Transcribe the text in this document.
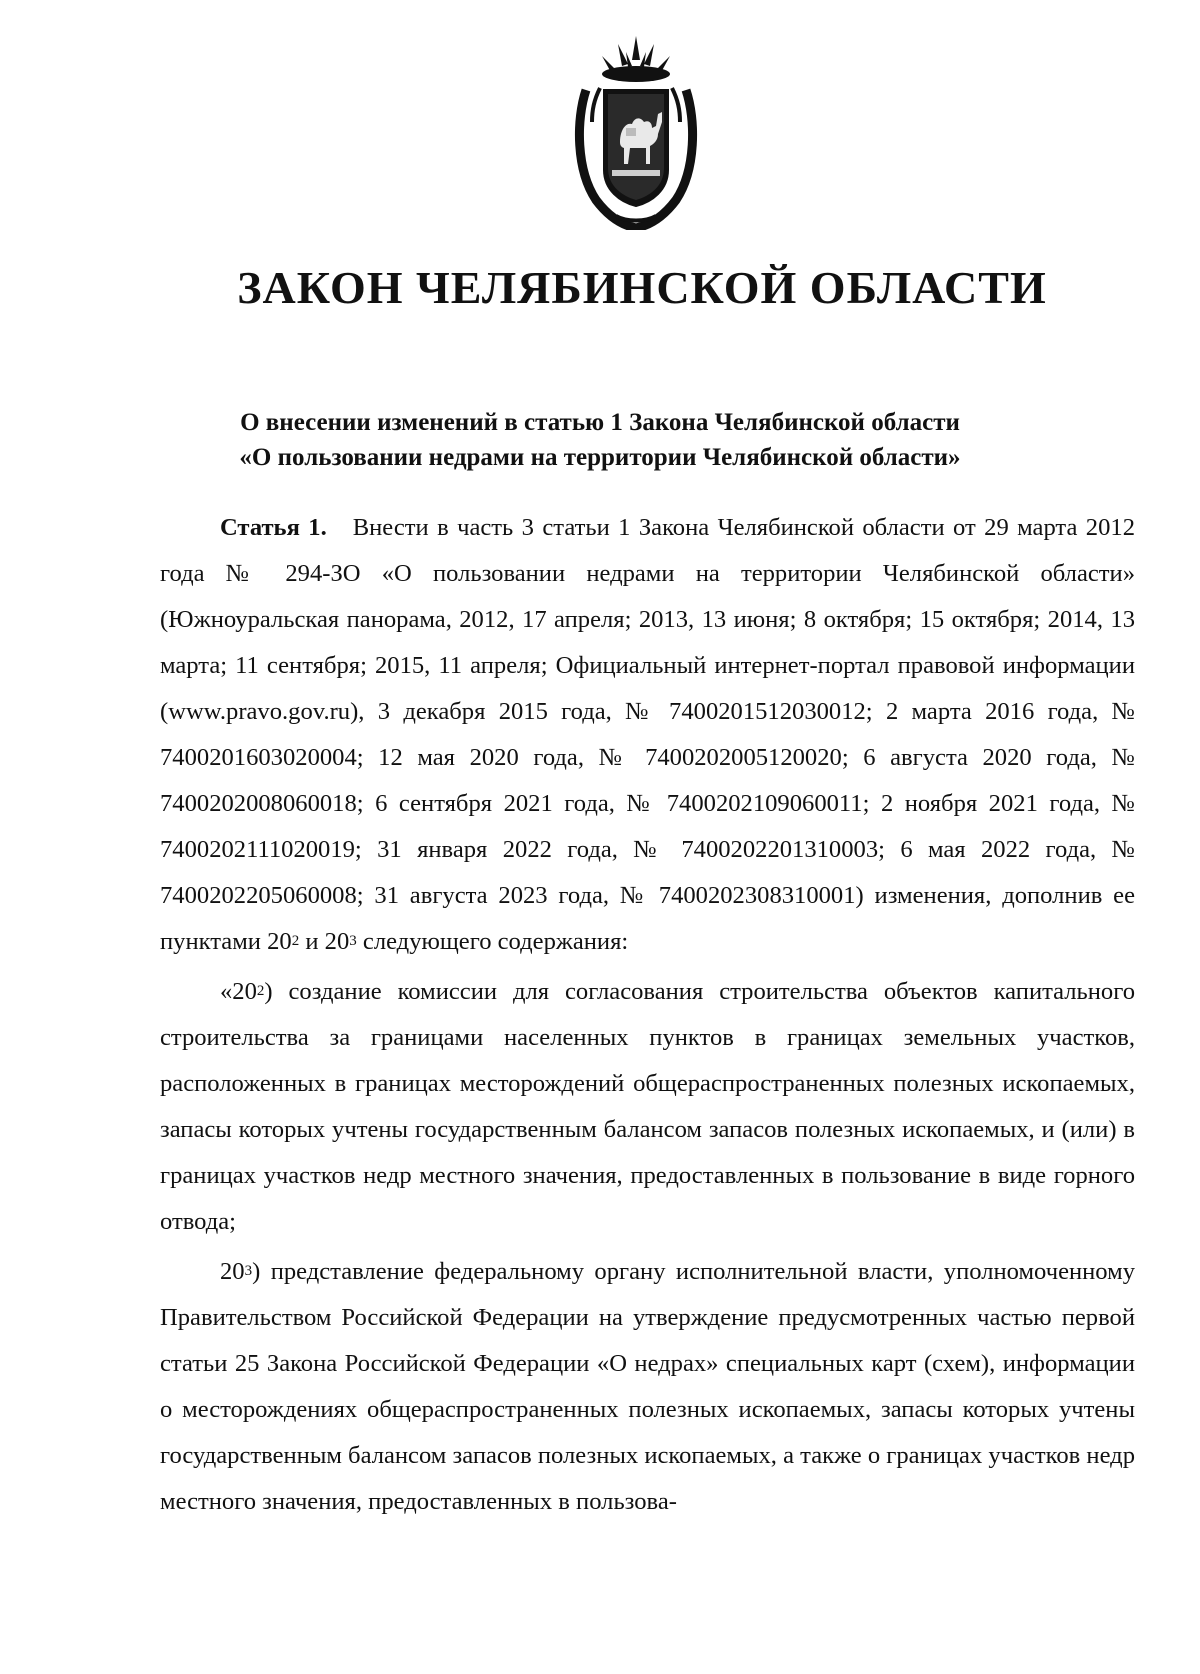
ЗАКОН ЧЕЛЯБИНСКОЙ ОБЛАСТИ
О внесении изменений в статью 1 Закона Челябинской области
«О пользовании недрами на территории Челябинской области»

Статья 1. Внести в часть 3 статьи 1 Закона Челябинской области от 29 марта 2012 года № 294-ЗО «О пользовании недрами на территории Челябинской области» (Южноуральская панорама, 2012, 17 апреля; 2013, 13 июня; 8 октября; 15 октября; 2014, 13 марта; 11 сентября; 2015, 11 апреля; Официальный интернет-портал правовой информации (www.pravo.gov.ru), 3 декабря 2015 года, № 7400201512030012; 2 марта 2016 года, № 7400201603020004; 12 мая 2020 года, № 7400202005120020; 6 августа 2020 года, № 7400202008060018; 6 сентября 2021 года, № 7400202109060011; 2 ноября 2021 года, № 7400202111020019; 31 января 2022 года, № 7400202201310003; 6 мая 2022 года, № 7400202205060008; 31 августа 2023 года, № 7400202308310001) изменения, дополнив ее пунктами $20^2$ и $20^3$ следующего содержания:

«$20^2$) создание комиссии для согласования строительства объектов капитального строительства за границами населенных пунктов в границах земельных участков, расположенных в границах месторождений общераспространенных полезных ископаемых, запасы которых учтены государственным балансом запасов полезных ископаемых, и (или) в границах участков недр местного значения, предоставленных в пользование в виде горного отвода;

$20^3$) представление федеральному органу исполнительной власти, уполномоченному Правительством Российской Федерации на утверждение предусмотренных частью первой статьи 25 Закона Российской Федерации «О недрах» специальных карт (схем), информации о месторождениях общераспространенных полезных ископаемых, запасы которых учтены государственным балансом запасов полезных ископаемых, а также о границах участков недр местного значения, предоставленных в пользова-
